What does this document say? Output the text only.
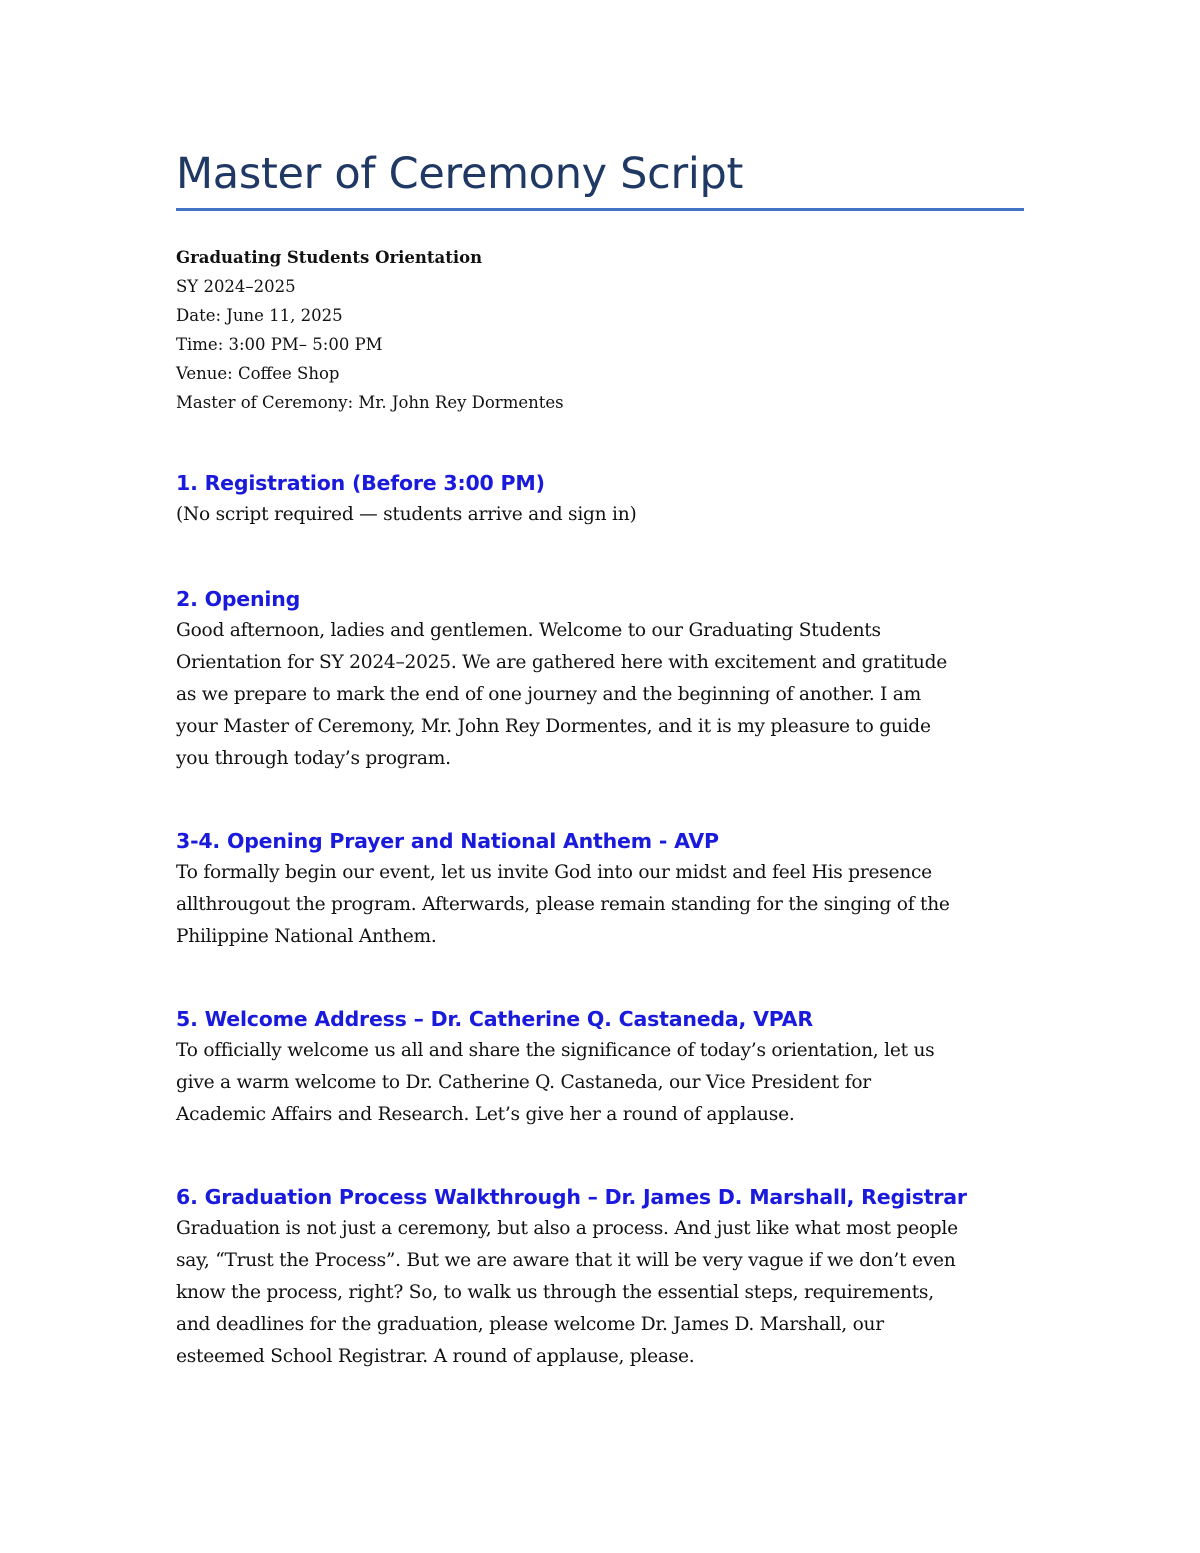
Master of Ceremony Script
Graduating Students Orientation
SY 2024–2025
Date: June 11, 2025
Time: 3:00 PM– 5:00 PM
Venue: Coffee Shop
Master of Ceremony: Mr. John Rey Dormentes
1. Registration (Before 3:00 PM)

(No script required — students arrive and sign in)

2. Opening

Good afternoon, ladies and gentlemen. Welcome to our Graduating Students
Orientation for SY 2024–2025. We are gathered here with excitement and gratitude
as we prepare to mark the end of one journey and the beginning of another. I am
your Master of Ceremony, Mr. John Rey Dormentes, and it is my pleasure to guide
you through today’s program.

3-4. Opening Prayer and National Anthem - AVP

To formally begin our event, let us invite God into our midst and feel His presence
allthrougout the program. Afterwards, please remain standing for the singing of the
Philippine National Anthem.

5. Welcome Address – Dr. Catherine Q. Castaneda, VPAR

To officially welcome us all and share the significance of today’s orientation, let us
give a warm welcome to Dr. Catherine Q. Castaneda, our Vice President for
Academic Affairs and Research. Let’s give her a round of applause.

6. Graduation Process Walkthrough – Dr. James D. Marshall, Registrar

Graduation is not just a ceremony, but also a process. And just like what most people
say, “Trust the Process”. But we are aware that it will be very vague if we don’t even
know the process, right? So, to walk us through the essential steps, requirements,
and deadlines for the graduation, please welcome Dr. James D. Marshall, our
esteemed School Registrar. A round of applause, please.
